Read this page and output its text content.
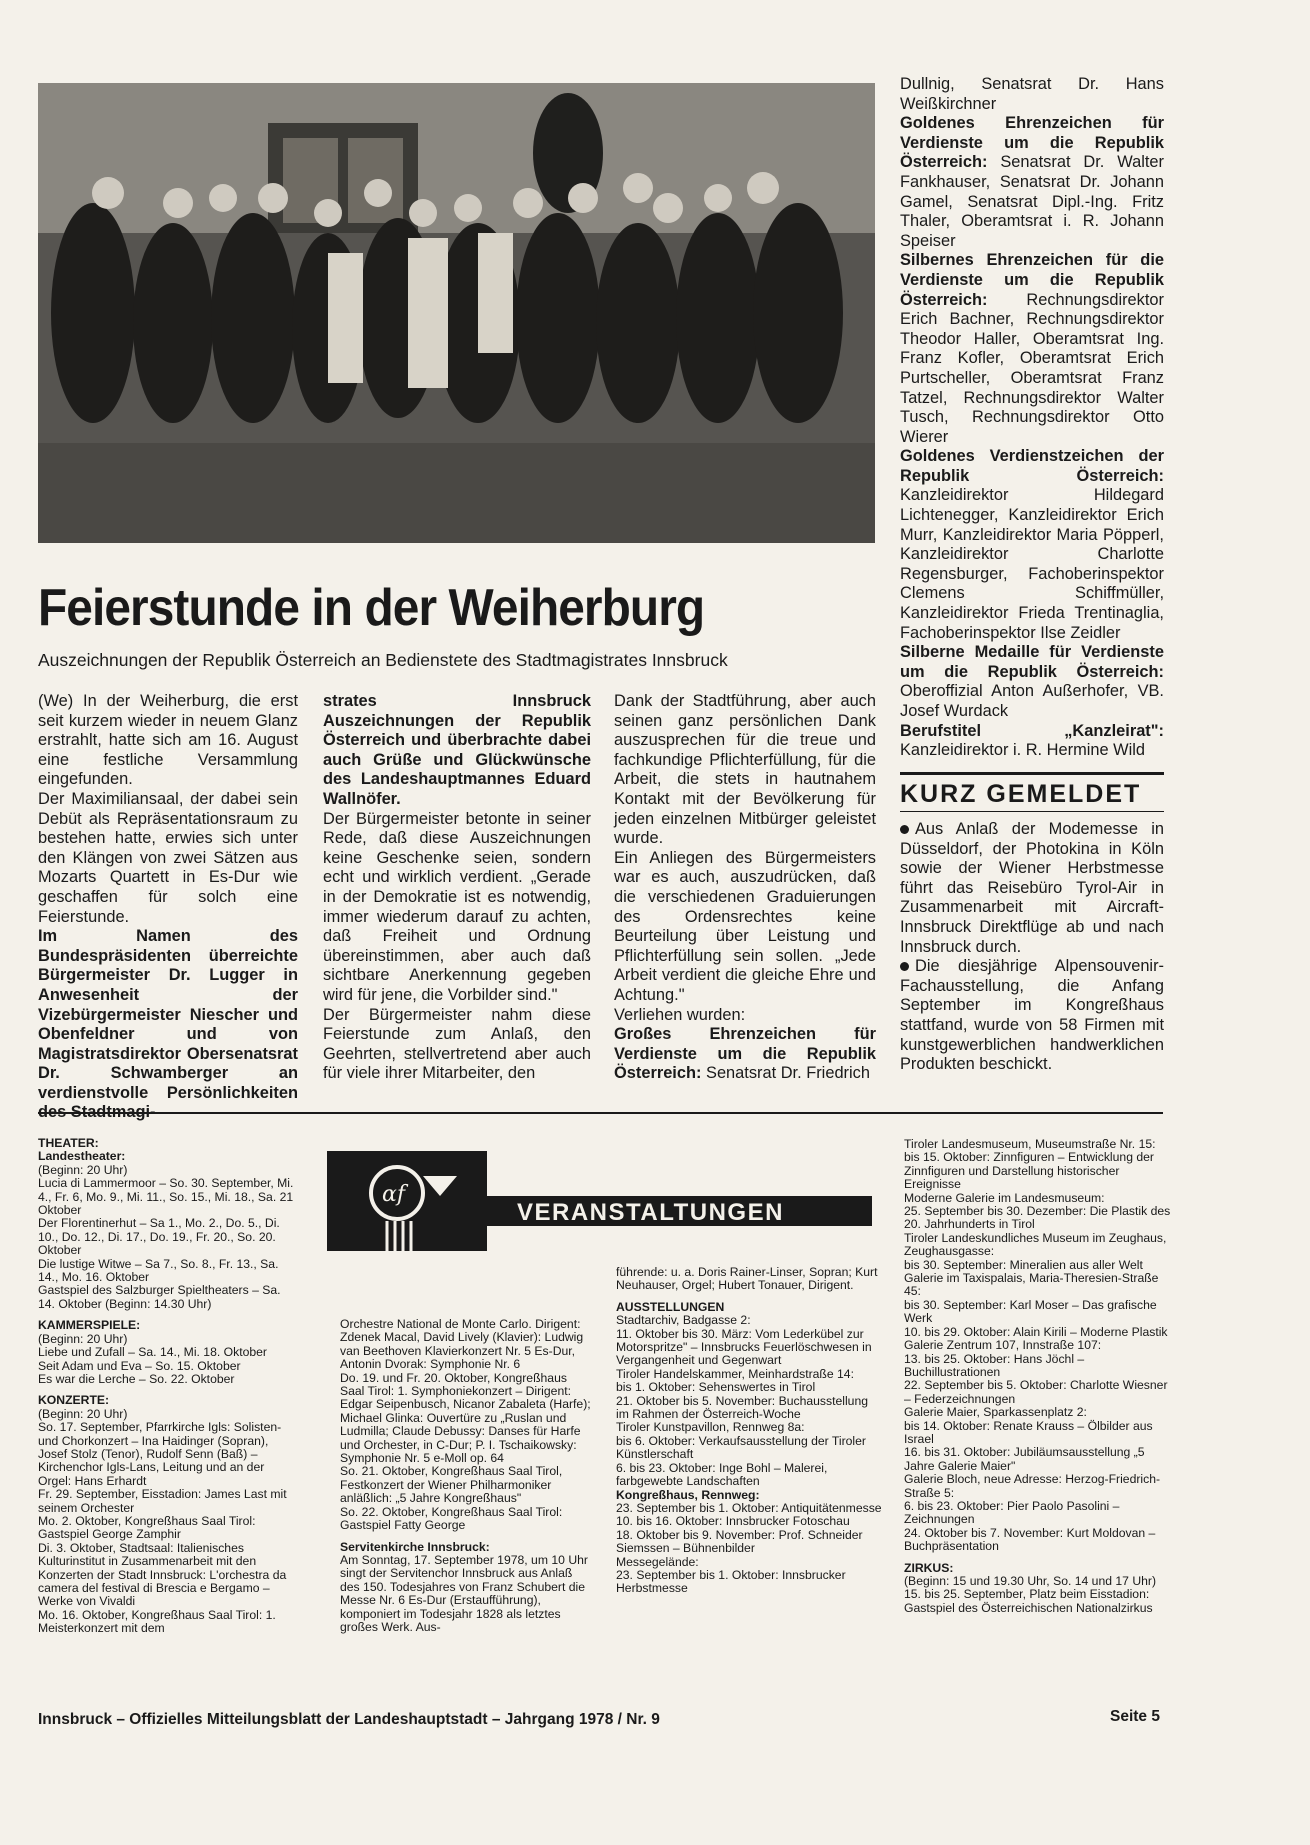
Feierstunde in der Weiherburg
Auszeichnungen der Republik Österreich an Bedienstete des Stadtmagistrates Innsbruck

(We) In der Weiherburg, die erst seit kurzem wieder in neuem Glanz erstrahlt, hatte sich am 16. August eine festliche Versammlung eingefunden.

Der Maximiliansaal, der dabei sein Debüt als Repräsentationsraum zu bestehen hatte, erwies sich unter den Klängen von zwei Sätzen aus Mozarts Quartett in Es-Dur wie geschaffen für solch eine Feierstunde.

Im Namen des Bundespräsidenten überreichte Bürgermeister Dr. Lugger in Anwesenheit der Vizebürgermeister Niescher und Obenfeldner und von Magistratsdirektor Obersenatsrat Dr. Schwamberger an verdienstvolle Persönlichkeiten des Stadtmagi-

strates Innsbruck Auszeichnungen der Republik Österreich und überbrachte dabei auch Grüße und Glückwünsche des Landeshauptmannes Eduard Wallnöfer.

Der Bürgermeister betonte in seiner Rede, daß diese Auszeichnungen keine Geschenke seien, sondern echt und wirklich verdient. „Gerade in der Demokratie ist es notwendig, immer wiederum darauf zu achten, daß Freiheit und Ordnung übereinstimmen, aber auch daß sichtbare Anerkennung gegeben wird für jene, die Vorbilder sind."

Der Bürgermeister nahm diese Feierstunde zum Anlaß, den Geehrten, stellvertretend aber auch für viele ihrer Mitarbeiter, den

Dank der Stadtführung, aber auch seinen ganz persönlichen Dank auszusprechen für die treue und fachkundige Pflichterfüllung, für die Arbeit, die stets in hautnahem Kontakt mit der Bevölkerung für jeden einzelnen Mitbürger geleistet wurde.

Ein Anliegen des Bürgermeisters war es auch, auszudrücken, daß die verschiedenen Graduierungen des Ordensrechtes keine Beurteilung über Leistung und Pflichterfüllung sein sollen. „Jede Arbeit verdient die gleiche Ehre und Achtung."

Verliehen wurden:

Großes Ehrenzeichen für Verdienste um die Republik Österreich: Senatsrat Dr. Friedrich

Dullnig, Senatsrat Dr. Hans Weißkirchner

Goldenes Ehrenzeichen für Verdienste um die Republik Österreich: Senatsrat Dr. Walter Fankhauser, Senatsrat Dr. Johann Gamel, Senatsrat Dipl.-Ing. Fritz Thaler, Oberamtsrat i. R. Johann Speiser

Silbernes Ehrenzeichen für die Verdienste um die Republik Österreich: Rechnungsdirektor Erich Bachner, Rechnungsdirektor Theodor Haller, Oberamtsrat Ing. Franz Kofler, Oberamtsrat Erich Purtscheller, Oberamtsrat Franz Tatzel, Rechnungsdirektor Walter Tusch, Rechnungsdirektor Otto Wierer

Goldenes Verdienstzeichen der Republik Österreich: Kanzleidirektor Hildegard Lichtenegger, Kanzleidirektor Erich Murr, Kanzleidirektor Maria Pöpperl, Kanzleidirektor Charlotte Regensburger, Fachoberinspektor Clemens Schiffmüller, Kanzleidirektor Frieda Trentinaglia, Fachoberinspektor Ilse Zeidler

Silberne Medaille für Verdienste um die Republik Österreich: Oberoffizial Anton Außerhofer, VB. Josef Wurdack

Berufstitel „Kanzleirat": Kanzleidirektor i. R. Hermine Wild

KURZ GEMELDET

Aus Anlaß der Modemesse in Düsseldorf, der Photokina in Köln sowie der Wiener Herbstmesse führt das Reisebüro Tyrol-Air in Zusammenarbeit mit Aircraft-Innsbruck Direktflüge ab und nach Innsbruck durch.

Die diesjährige Alpensouvenir-Fachausstellung, die Anfang September im Kongreßhaus stattfand, wurde von 58 Firmen mit kunstgewerblichen handwerklichen Produkten beschickt.

ɑf
VERANSTALTUNGEN

THEATER:

Landestheater:

(Beginn: 20 Uhr)

Lucia di Lammermoor – So. 30. September, Mi. 4., Fr. 6, Mo. 9., Mi. 11., So. 15., Mi. 18., Sa. 21 Oktober

Der Florentinerhut – Sa 1., Mo. 2., Do. 5., Di. 10., Do. 12., Di. 17., Do. 19., Fr. 20., So. 20. Oktober

Die lustige Witwe – Sa 7., So. 8., Fr. 13., Sa. 14., Mo. 16. Oktober

Gastspiel des Salzburger Spieltheaters – Sa. 14. Oktober (Beginn: 14.30 Uhr)

KAMMERSPIELE:

(Beginn: 20 Uhr)

Liebe und Zufall – Sa. 14., Mi. 18. Oktober

Seit Adam und Eva – So. 15. Oktober

Es war die Lerche – So. 22. Oktober

KONZERTE:

(Beginn: 20 Uhr)

So. 17. September, Pfarrkirche Igls: Solisten- und Chorkonzert – Ina Haidinger (Sopran), Josef Stolz (Tenor), Rudolf Senn (Baß) – Kirchenchor Igls-Lans, Leitung und an der Orgel: Hans Erhardt

Fr. 29. September, Eisstadion: James Last mit seinem Orchester

Mo. 2. Oktober, Kongreßhaus Saal Tirol: Gastspiel George Zamphir

Di. 3. Oktober, Stadtsaal: Italienisches Kulturinstitut in Zusammenarbeit mit den Konzerten der Stadt Innsbruck: L'orchestra da camera del festival di Brescia e Bergamo – Werke von Vivaldi

Mo. 16. Oktober, Kongreßhaus Saal Tirol: 1. Meisterkonzert mit dem

Orchestre National de Monte Carlo. Dirigent: Zdenek Macal, David Lively (Klavier): Ludwig van Beethoven Klavierkonzert Nr. 5 Es-Dur, Antonin Dvorak: Symphonie Nr. 6

Do. 19. und Fr. 20. Oktober, Kongreßhaus Saal Tirol: 1. Symphoniekonzert – Dirigent: Edgar Seipenbusch, Nicanor Zabaleta (Harfe); Michael Glinka: Ouvertüre zu „Ruslan und Ludmilla; Claude Debussy: Danses für Harfe und Orchester, in C-Dur; P. I. Tschaikowsky: Symphonie Nr. 5 e-Moll op. 64

So. 21. Oktober, Kongreßhaus Saal Tirol, Festkonzert der Wiener Philharmoniker anläßlich: „5 Jahre Kongreßhaus"

So. 22. Oktober, Kongreßhaus Saal Tirol: Gastspiel Fatty George

Servitenkirche Innsbruck:

Am Sonntag, 17. September 1978, um 10 Uhr singt der Servitenchor Innsbruck aus Anlaß des 150. Todesjahres von Franz Schubert die Messe Nr. 6 Es-Dur (Erstaufführung), komponiert im Todesjahr 1828 als letztes großes Werk. Aus-

führende: u. a. Doris Rainer-Linser, Sopran; Kurt Neuhauser, Orgel; Hubert Tonauer, Dirigent.

AUSSTELLUNGEN

Stadtarchiv, Badgasse 2:

11. Oktober bis 30. März: Vom Lederkübel zur Motorspritze" – Innsbrucks Feuerlöschwesen in Vergangenheit und Gegenwart

Tiroler Handelskammer, Meinhardstraße 14:

bis 1. Oktober: Sehenswertes in Tirol

21. Oktober bis 5. November: Buchausstellung im Rahmen der Österreich-Woche

Tiroler Kunstpavillon, Rennweg 8a:

bis 6. Oktober: Verkaufsausstellung der Tiroler Künstlerschaft

6. bis 23. Oktober: Inge Bohl – Malerei, farbgewebte Landschaften

Kongreßhaus, Rennweg:

23. September bis 1. Oktober: Antiquitätenmesse

10. bis 16. Oktober: Innsbrucker Fotoschau

18. Oktober bis 9. November: Prof. Schneider Siemssen – Bühnenbilder

Messegelände:

23. September bis 1. Oktober: Innsbrucker Herbstmesse

Tiroler Landesmuseum, Museumstraße Nr. 15:

bis 15. Oktober: Zinnfiguren – Entwicklung der Zinnfiguren und Darstellung historischer Ereignisse

Moderne Galerie im Landesmuseum:

25. September bis 30. Dezember: Die Plastik des 20. Jahrhunderts in Tirol

Tiroler Landeskundliches Museum im Zeughaus, Zeughausgasse:

bis 30. September: Mineralien aus aller Welt

Galerie im Taxispalais, Maria-Theresien-Straße 45:

bis 30. September: Karl Moser – Das grafische Werk

10. bis 29. Oktober: Alain Kirili – Moderne Plastik

Galerie Zentrum 107, Innstraße 107:

13. bis 25. Oktober: Hans Jöchl – Buchillustrationen

22. September bis 5. Oktober: Charlotte Wiesner – Federzeichnungen

Galerie Maier, Sparkassenplatz 2:

bis 14. Oktober: Renate Krauss – Ölbilder aus Israel

16. bis 31. Oktober: Jubiläumsausstellung „5 Jahre Galerie Maier"

Galerie Bloch, neue Adresse: Herzog-Friedrich-Straße 5:

6. bis 23. Oktober: Pier Paolo Pasolini – Zeichnungen

24. Oktober bis 7. November: Kurt Moldovan – Buchpräsentation

ZIRKUS:

(Beginn: 15 und 19.30 Uhr, So. 14 und 17 Uhr)

15. bis 25. September, Platz beim Eisstadion: Gastspiel des Österreichischen Nationalzirkus

Innsbruck – Offizielles Mitteilungsblatt der Landeshauptstadt – Jahrgang 1978 / Nr. 9	Seite 5
